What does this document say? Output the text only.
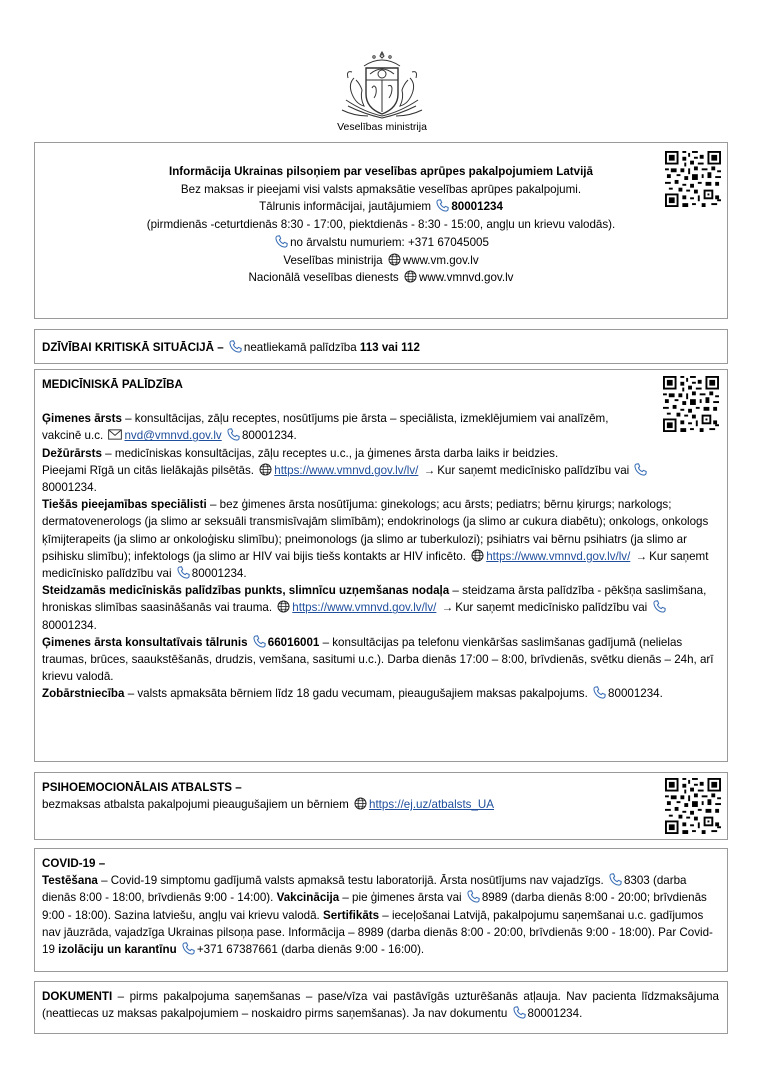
Veselības ministrija
Informācija Ukrainas pilsoņiem par veselības aprūpes pakalpojumiem Latvijā
Bez maksas ir pieejami visi valsts apmaksātie veselības aprūpes pakalpojumi.
Tālrunis informācijai, jautājumiem 80001234
(pirmdienās -ceturtdienās 8:30 - 17:00, piektdienās - 8:30 - 15:00, angļu un krievu valodās).
no ārvalstu numuriem: +371 67045005
Veselības ministrija www.vm.gov.lv
Nacionālā veselības dienests www.vmnvd.gov.lv
DZĪVĪBAI KRITISKĀ SITUĀCIJĀ – neatliekamā palīdzība 113 vai 112
MEDICĪNISKĀ PALĪDZĪBA
Ģimenes ārsts – konsultācijas, zāļu receptes, nosūtījums pie ārsta – speciālista, izmeklējumiem vai analīzēm, vakcinē u.c. nvd@vmnvd.gov.lv 80001234.
Dežūrārsts – medicīniskas konsultācijas, zāļu receptes u.c., ja ģimenes ārsta darba laiks ir beidzies.
Pieejami Rīgā un citās lielākajās pilsētās. https://www.vmnvd.gov.lv/lv/ → Kur saņemt medicīnisko palīdzību vai 80001234.
Tiešās pieejamības speciālisti – bez ģimenes ārsta nosūtījuma: ginekologs; acu ārsts; pediatrs; bērnu ķirurgs; narkologs; dermatovenerologs (ja slimo ar seksuāli transmisīvajām slimībām); endokrinologs (ja slimo ar cukura diabētu); onkologs, onkologs ķīmijterapeits (ja slimo ar onkoloģisku slimību); pneimonologs (ja slimo ar tuberkulozi); psihiatrs vai bērnu psihiatrs (ja slimo ar psihisku slimību); infektologs (ja slimo ar HIV vai bijis tiešs kontakts ar HIV inficēto. https://www.vmnvd.gov.lv/lv/ → Kur saņemt medicīnisko palīdzību vai 80001234.
Steidzamās medicīniskās palīdzības punkts, slimnīcu uzņemšanas nodaļa – steidzama ārsta palīdzība - pēkšņa saslimšana, hroniskas slimības saasināšanās vai trauma. https://www.vmnvd.gov.lv/lv/ → Kur saņemt medicīnisko palīdzību vai 80001234.
Ģimenes ārsta konsultatīvais tālrunis 66016001 – konsultācijas pa telefonu vienkāršas saslimšanas gadījumā (nelielas traumas, brūces, saaukstēšanās, drudzis, vemšana, sasitumi u.c.). Darba dienās 17:00 – 8:00, brīvdienās, svētku dienās – 24h, arī krievu valodā.
Zobārstniecība – valsts apmaksāta bērniem līdz 18 gadu vecumam, pieaugušajiem maksas pakalpojums. 80001234.
PSIHOEMOCIONĀLAIS ATBALSTS –
bezmaksas atbalsta pakalpojumi pieaugušajiem un bērniem https://ej.uz/atbalsts_UA
COVID-19 –
Testēšana – Covid-19 simptomu gadījumā valsts apmaksā testu laboratorijā. Ārsta nosūtījums nav vajadzīgs. 8303 (darba dienās 8:00 - 18:00, brīvdienās 9:00 - 14:00). Vakcinācija – pie ģimenes ārsta vai 8989 (darba dienās 8:00 - 20:00; brīvdienās 9:00 - 18:00). Sazina latviešu, angļu vai krievu valodā. Sertifikāts – ieceļošanai Latvijā, pakalpojumu saņemšanai u.c. gadījumos nav jāuzrāda, vajadzīga Ukrainas pilsoņa pase. Informācija – 8989 (darba dienās 8:00 - 20:00, brīvdienās 9:00 - 18:00). Par Covid-19 izolāciju un karantīnu +371 67387661 (darba dienās 9:00 - 16:00).
DOKUMENTI – pirms pakalpojuma saņemšanas – pase/vīza vai pastāvīgās uzturēšanās atļauja. Nav pacienta līdzmaksājuma (neattiecas uz maksas pakalpojumiem – noskaidro pirms saņemšanas). Ja nav dokumentu 80001234.
